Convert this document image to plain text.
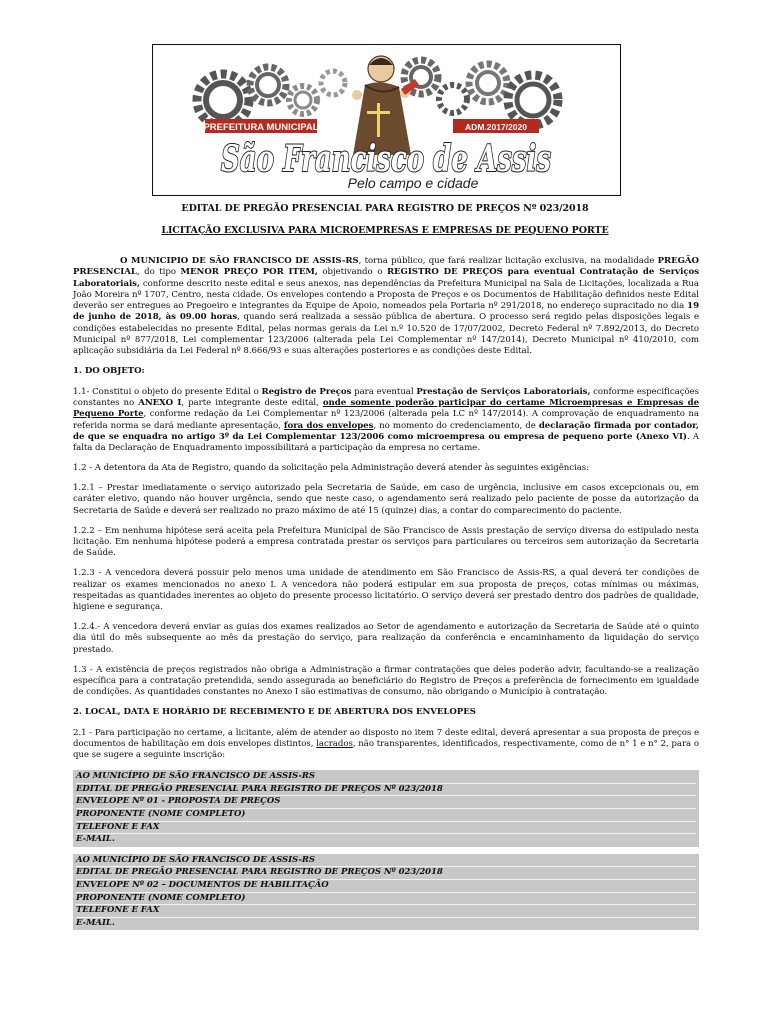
PREFEITURA MUNICIPAL	ADM.2017/2020
São Francisco de Assis
Pelo campo e cidade
EDITAL DE PREGÃO PRESENCIAL PARA REGISTRO DE PREÇOS Nº 023/2018
LICITAÇÃO EXCLUSIVA PARA MICROEMPRESAS E EMPRESAS DE PEQUENO PORTE

O MUNICIPIO DE SÃO FRANCISCO DE ASSIS-RS, torna público, que fará realizar licitação exclusiva, na modalidade PREGÃO PRESENCIAL, do tipo MENOR PREÇO POR ITEM, objetivando o REGISTRO DE PREÇOS para eventual Contratação de Serviços Laboratoriais, conforme descrito neste edital e seus anexos, nas dependências da Prefeitura Municipal na Sala de Licitações, localizada a Rua João Moreira nº 1707, Centro, nesta cidade. Os envelopes contendo a Proposta de Preços e os Documentos de Habilitação definidos neste Edital deverão ser entregues ao Pregoeiro e integrantes da Equipe de Apoio, nomeados pela Portaria nº 291/2018, no endereço supracitado no dia 19 de junho de 2018, às 09.00 horas, quando será realizada a sessão pública de abertura. O processo será regido pelas disposições legais e condições estabelecidas no presente Edital, pelas normas gerais da Lei n.º 10.520 de 17/07/2002, Decreto Federal nº 7.892/2013, do Decreto Municipal nº 877/2018, Lei complementar 123/2006 (alterada pela Lei Complementar nº 147/2014), Decreto Municipal nº 410/2010, com aplicação subsidiária da Lei Federal nº 8.666/93 e suas alterações posteriores e as condições deste Edital.

1. DO OBJETO:

1.1- Constitui o objeto do presente Edital o Registro de Preços para eventual Prestação de Serviços Laboratoriais, conforme especificações constantes no ANEXO I, parte integrante deste edital, onde somente poderão participar do certame Microempresas e Empresas de Pequeno Porte, conforme redação da Lei Complementar nº 123/2006 (alterada pela LC nº 147/2014). A comprovação de enquadramento na referida norma se dará mediante apresentação, fora dos envelopes, no momento do credenciamento, de declaração firmada por contador, de que se enquadra no artigo 3º da Lei Complementar 123/2006 como microempresa ou empresa de pequeno porte (Anexo VI). A falta da Declaração de Enquadramento impossibilitará a participação da empresa no certame.

1.2 - A detentora da Ata de Registro, quando da solicitação pela Administração deverá atender às seguintes exigências:

1.2.1 – Prestar imediatamente o serviço autorizado pela Secretaria de Saúde, em caso de urgência, inclusive em casos excepcionais ou, em caráter eletivo, quando não houver urgência, sendo que neste caso, o agendamento será realizado pelo paciente de posse da autorização da Secretaria de Saúde e deverá ser realizado no prazo máximo de até 15 (quinze) dias, a contar do comparecimento do paciente.

1.2.2 – Em nenhuma hipótese será aceita pela Prefeitura Municipal de São Francisco de Assis prestação de serviço diversa do estipulado nesta licitação. Em nenhuma hipótese poderá a empresa contratada prestar os serviços para particulares ou terceiros sem autorização da Secretaria de Saúde.

1.2.3 - A vencedora deverá possuir pelo menos uma unidade de atendimento em São Francisco de Assis-RS, a qual deverá ter condições de realizar os exames mencionados no anexo I. A vencedora não poderá estipular em sua proposta de preços, cotas mínimas ou máximas, respeitadas as quantidades inerentes ao objeto do presente processo licitatório. O serviço deverá ser prestado dentro dos padrões de qualidade, higiene e segurança.

1.2.4.- A vencedora deverá enviar as guias dos exames realizados ao Setor de agendamento e autorização da Secretaria de Saúde até o quinto dia útil do mês subsequente ao mês da prestação do serviço, para realização da conferência e encaminhamento da liquidação do serviço prestado.

1.3 - A existência de preços registrados não obriga a Administração a firmar contratações que deles poderão advir, facultando-se a realização específica para a contratação pretendida, sendo assegurada ao beneficiário do Registro de Preços a preferência de fornecimento em igualdade de condições. As quantidades constantes no Anexo I são estimativas de consumo, não obrigando o Município à contratação.

2. LOCAL, DATA E HORÁRIO DE RECEBIMENTO E DE ABERTURA DOS ENVELOPES

2.1 - Para participação no certame, a licitante, além de atender ao disposto no item 7 deste edital, deverá apresentar a sua proposta de preços e documentos de habilitação em dois envelopes distintos, lacrados, não transparentes, identificados, respectivamente, como de n° 1 e n° 2, para o que se sugere a seguinte inscrição:

AO MUNICÍPIO DE SÃO FRANCISCO DE ASSIS-RS
EDITAL DE PREGÃO PRESENCIAL PARA REGISTRO DE PREÇOS Nº 023/2018
ENVELOPE Nº 01 - PROPOSTA DE PREÇOS
PROPONENTE (NOME COMPLETO)
TELEFONE E FAX
E-MAIL.
AO MUNICÍPIO DE SÃO FRANCISCO DE ASSIS-RS
EDITAL DE PREGÃO PRESENCIAL PARA REGISTRO DE PREÇOS Nº 023/2018
ENVELOPE Nº 02 – DOCUMENTOS DE HABILITAÇÃO
PROPONENTE (NOME COMPLETO)
TELEFONE E FAX
E-MAIL.
